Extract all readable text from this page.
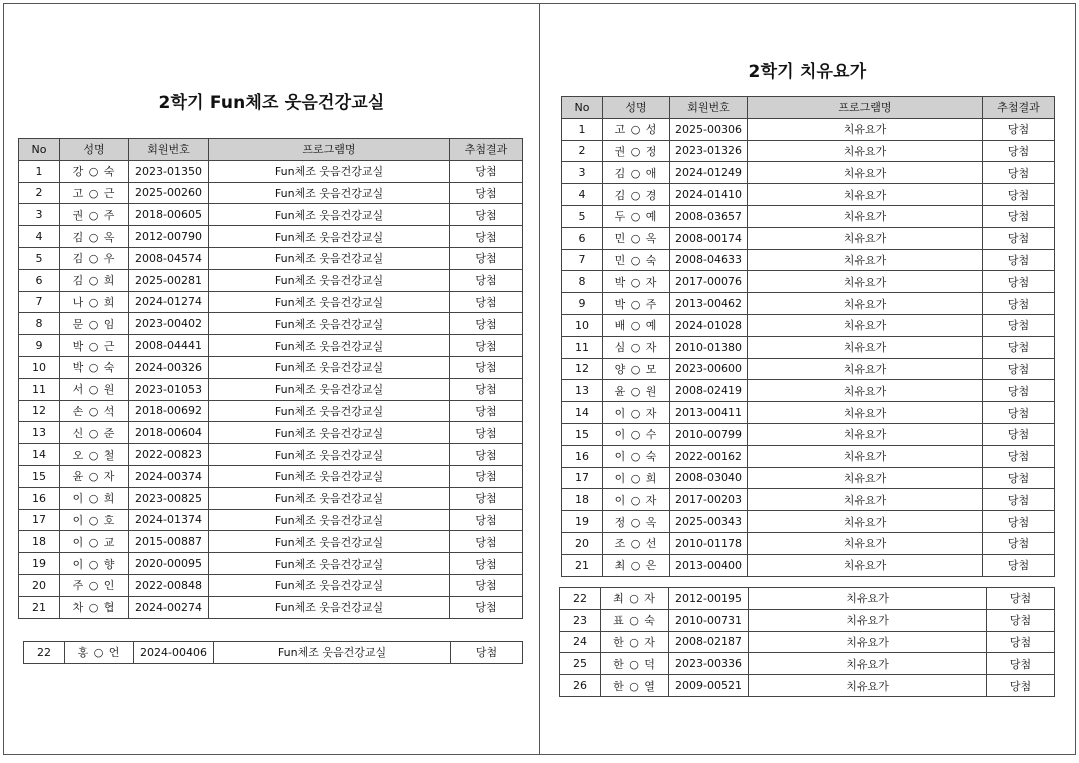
2학기 Fun체조 웃음건강교실
No	성명	회원번호	프로그램명	추첨결과
1	강 ○ 숙	2023-01350	Fun체조 웃음건강교실	당첨
2	고 ○ 근	2025-00260	Fun체조 웃음건강교실	당첨
3	권 ○ 주	2018-00605	Fun체조 웃음건강교실	당첨
4	김 ○ 옥	2012-00790	Fun체조 웃음건강교실	당첨
5	김 ○ 우	2008-04574	Fun체조 웃음건강교실	당첨
6	김 ○ 희	2025-00281	Fun체조 웃음건강교실	당첨
7	나 ○ 희	2024-01274	Fun체조 웃음건강교실	당첨
8	문 ○ 임	2023-00402	Fun체조 웃음건강교실	당첨
9	박 ○ 근	2008-04441	Fun체조 웃음건강교실	당첨
10	박 ○ 숙	2024-00326	Fun체조 웃음건강교실	당첨
11	서 ○ 원	2023-01053	Fun체조 웃음건강교실	당첨
12	손 ○ 석	2018-00692	Fun체조 웃음건강교실	당첨
13	신 ○ 준	2018-00604	Fun체조 웃음건강교실	당첨
14	오 ○ 철	2022-00823	Fun체조 웃음건강교실	당첨
15	윤 ○ 자	2024-00374	Fun체조 웃음건강교실	당첨
16	이 ○ 희	2023-00825	Fun체조 웃음건강교실	당첨
17	이 ○ 호	2024-01374	Fun체조 웃음건강교실	당첨
18	이 ○ 교	2015-00887	Fun체조 웃음건강교실	당첨
19	이 ○ 향	2020-00095	Fun체조 웃음건강교실	당첨
20	주 ○ 인	2022-00848	Fun체조 웃음건강교실	당첨
21	차 ○ 협	2024-00274	Fun체조 웃음건강교실	당첨
22	홍 ○ 언	2024-00406	Fun체조 웃음건강교실	당첨
2학기 치유요가
No	성명	회원번호	프로그램명	추첨결과
1	고 ○ 성	2025-00306	치유요가	당첨
2	권 ○ 정	2023-01326	치유요가	당첨
3	김 ○ 애	2024-01249	치유요가	당첨
4	김 ○ 경	2024-01410	치유요가	당첨
5	두 ○ 예	2008-03657	치유요가	당첨
6	민 ○ 옥	2008-00174	치유요가	당첨
7	민 ○ 숙	2008-04633	치유요가	당첨
8	박 ○ 자	2017-00076	치유요가	당첨
9	박 ○ 주	2013-00462	치유요가	당첨
10	배 ○ 예	2024-01028	치유요가	당첨
11	심 ○ 자	2010-01380	치유요가	당첨
12	양 ○ 모	2023-00600	치유요가	당첨
13	윤 ○ 원	2008-02419	치유요가	당첨
14	이 ○ 자	2013-00411	치유요가	당첨
15	이 ○ 수	2010-00799	치유요가	당첨
16	이 ○ 숙	2022-00162	치유요가	당첨
17	이 ○ 희	2008-03040	치유요가	당첨
18	이 ○ 자	2017-00203	치유요가	당첨
19	정 ○ 옥	2025-00343	치유요가	당첨
20	조 ○ 선	2010-01178	치유요가	당첨
21	최 ○ 은	2013-00400	치유요가	당첨
22	최 ○ 자	2012-00195	치유요가	당첨
23	표 ○ 숙	2010-00731	치유요가	당첨
24	한 ○ 자	2008-02187	치유요가	당첨
25	한 ○ 덕	2023-00336	치유요가	당첨
26	한 ○ 열	2009-00521	치유요가	당첨
